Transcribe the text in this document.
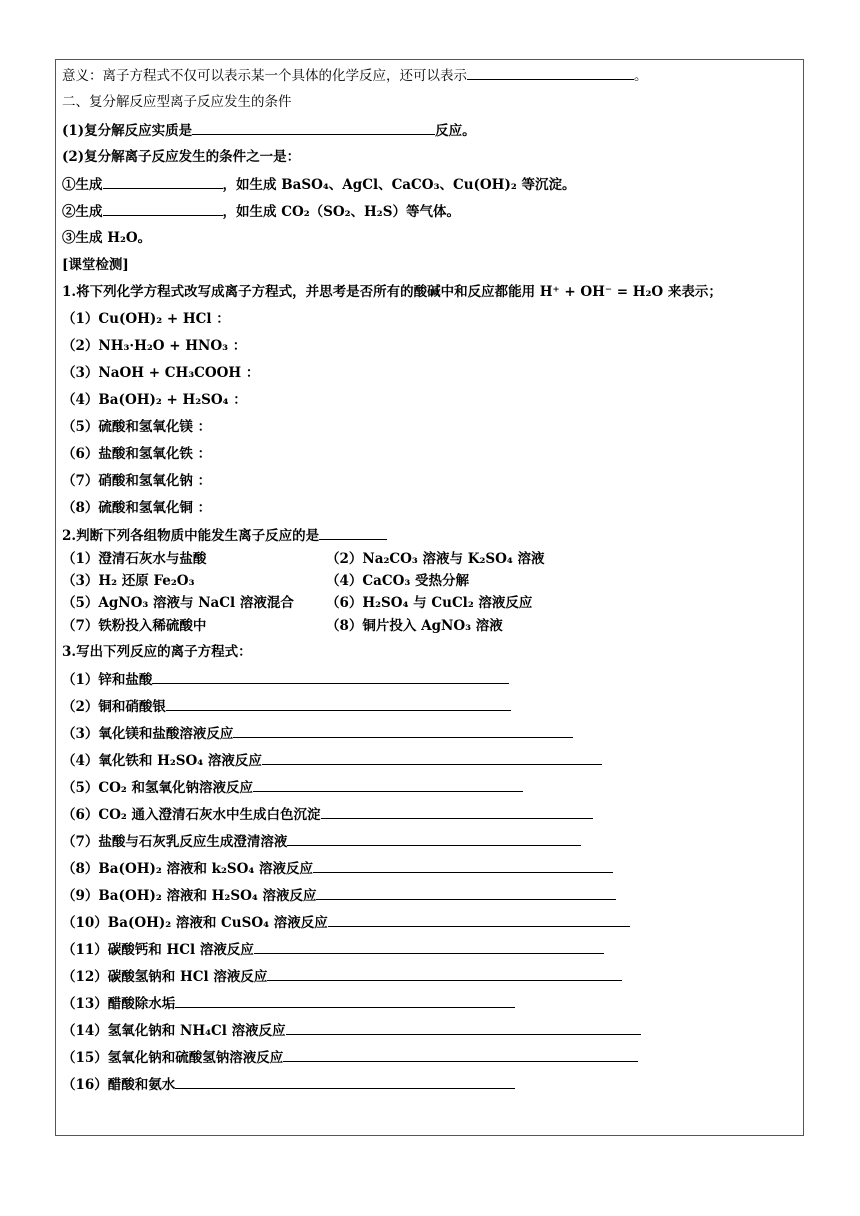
意义：离子方程式不仅可以表示某一个具体的化学反应，还可以表示	。
二、复分解反应型离子反应发生的条件
(1)复分解反应实质是	反应。
(2)复分解离子反应发生的条件之一是：
①生成	，如生成 BaSO₄、AgCl、CaCO₃、Cu(OH)₂ 等沉淀。
②生成	，如生成 CO₂（SO₂、H₂S）等气体。
③生成 H₂O。
[课堂检测]
1.将下列化学方程式改写成离子方程式，并思考是否所有的酸碱中和反应都能用 H⁺ + OH⁻ = H₂O 来表示；
（1）Cu(OH)₂ + HCl ：
（2）NH₃·H₂O + HNO₃ ：
（3）NaOH + CH₃COOH ：
（4）Ba(OH)₂ + H₂SO₄ ：
（5）硫酸和氢氧化镁 ：
（6）盐酸和氢氧化铁 ：
（7）硝酸和氢氧化钠 ：
（8）硫酸和氢氧化铜 ：
2.判断下列各组物质中能发生离子反应的是
（1）澄清石灰水与盐酸	（2）Na₂CO₃ 溶液与 K₂SO₄ 溶液
（3）H₂ 还原 Fe₂O₃	（4）CaCO₃ 受热分解
（5）AgNO₃ 溶液与 NaCl 溶液混合 （6）H₂SO₄ 与 CuCl₂ 溶液反应
（7）铁粉投入稀硫酸中	（8）铜片投入 AgNO₃ 溶液
3.写出下列反应的离子方程式：
（1）锌和盐酸
（2）铜和硝酸银
（3）氧化镁和盐酸溶液反应
（4）氧化铁和 H₂SO₄ 溶液反应
（5）CO₂ 和氢氧化钠溶液反应
（6）CO₂ 通入澄清石灰水中生成白色沉淀
（7）盐酸与石灰乳反应生成澄清溶液
（8）Ba(OH)₂ 溶液和 k₂SO₄ 溶液反应
（9）Ba(OH)₂ 溶液和 H₂SO₄ 溶液反应
（10）Ba(OH)₂ 溶液和 CuSO₄ 溶液反应
（11）碳酸钙和 HCl 溶液反应
（12）碳酸氢钠和 HCl 溶液反应
（13）醋酸除水垢
（14）氢氧化钠和 NH₄Cl 溶液反应
（15）氢氧化钠和硫酸氢钠溶液反应
（16）醋酸和氨水
